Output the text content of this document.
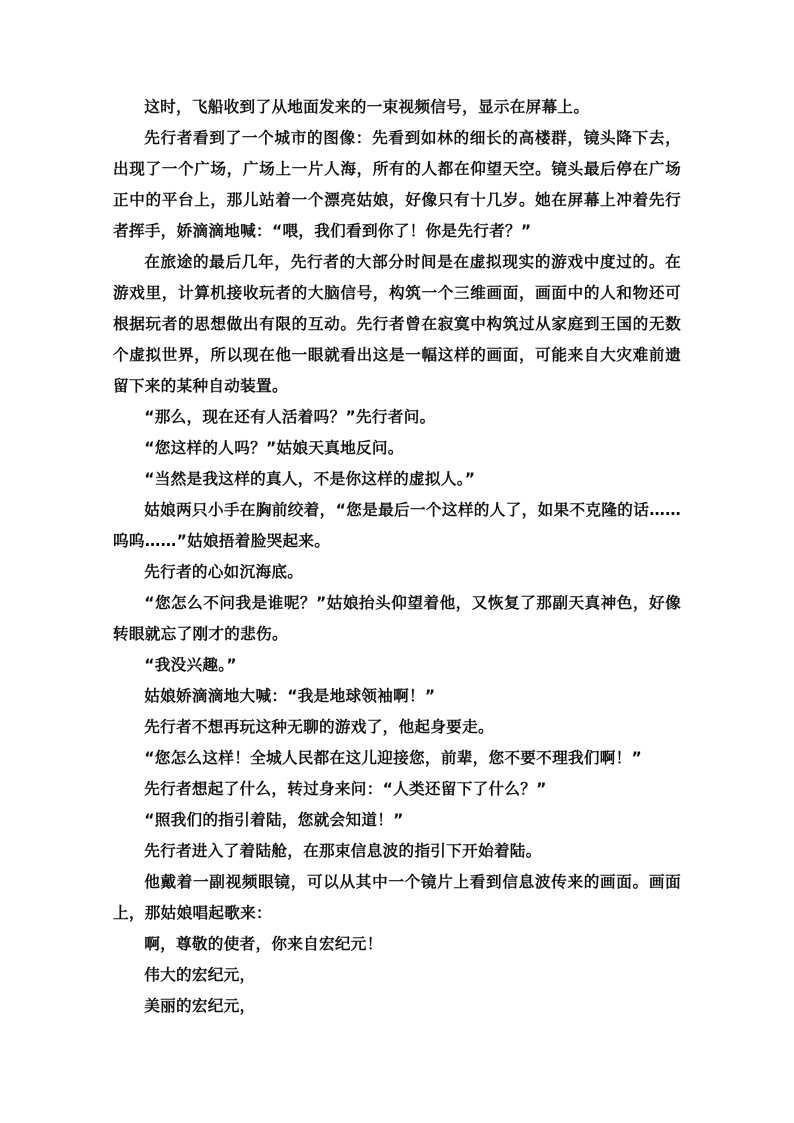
这时，飞船收到了从地面发来的一束视频信号，显示在屏幕上。

先行者看到了一个城市的图像：先看到如林的细长的高楼群，镜头降下去，出现了一个广场，广场上一片人海，所有的人都在仰望天空。镜头最后停在广场正中的平台上，那儿站着一个漂亮姑娘，好像只有十几岁。她在屏幕上冲着先行者挥手，娇滴滴地喊：“喂，我们看到你了！你是先行者？”

在旅途的最后几年，先行者的大部分时间是在虚拟现实的游戏中度过的。在游戏里，计算机接收玩者的大脑信号，构筑一个三维画面，画面中的人和物还可根据玩者的思想做出有限的互动。先行者曾在寂寞中构筑过从家庭到王国的无数个虚拟世界，所以现在他一眼就看出这是一幅这样的画面，可能来自大灾难前遗留下来的某种自动装置。

“那么，现在还有人活着吗？”先行者问。

“您这样的人吗？”姑娘天真地反问。

“当然是我这样的真人，不是你这样的虚拟人。”

姑娘两只小手在胸前绞着，“您是最后一个这样的人了，如果不克隆的话……呜呜……”姑娘捂着脸哭起来。

先行者的心如沉海底。

“您怎么不问我是谁呢？”姑娘抬头仰望着他，又恢复了那副天真神色，好像转眼就忘了刚才的悲伤。

“我没兴趣。”

姑娘娇滴滴地大喊：“我是地球领袖啊！”

先行者不想再玩这种无聊的游戏了，他起身要走。

“您怎么这样！全城人民都在这儿迎接您，前辈，您不要不理我们啊！”

先行者想起了什么，转过身来问：“人类还留下了什么？”

“照我们的指引着陆，您就会知道！”

先行者进入了着陆舱，在那束信息波的指引下开始着陆。

他戴着一副视频眼镜，可以从其中一个镜片上看到信息波传来的画面。画面上，那姑娘唱起歌来：

啊，尊敬的使者，你来自宏纪元！

伟大的宏纪元，

美丽的宏纪元，
